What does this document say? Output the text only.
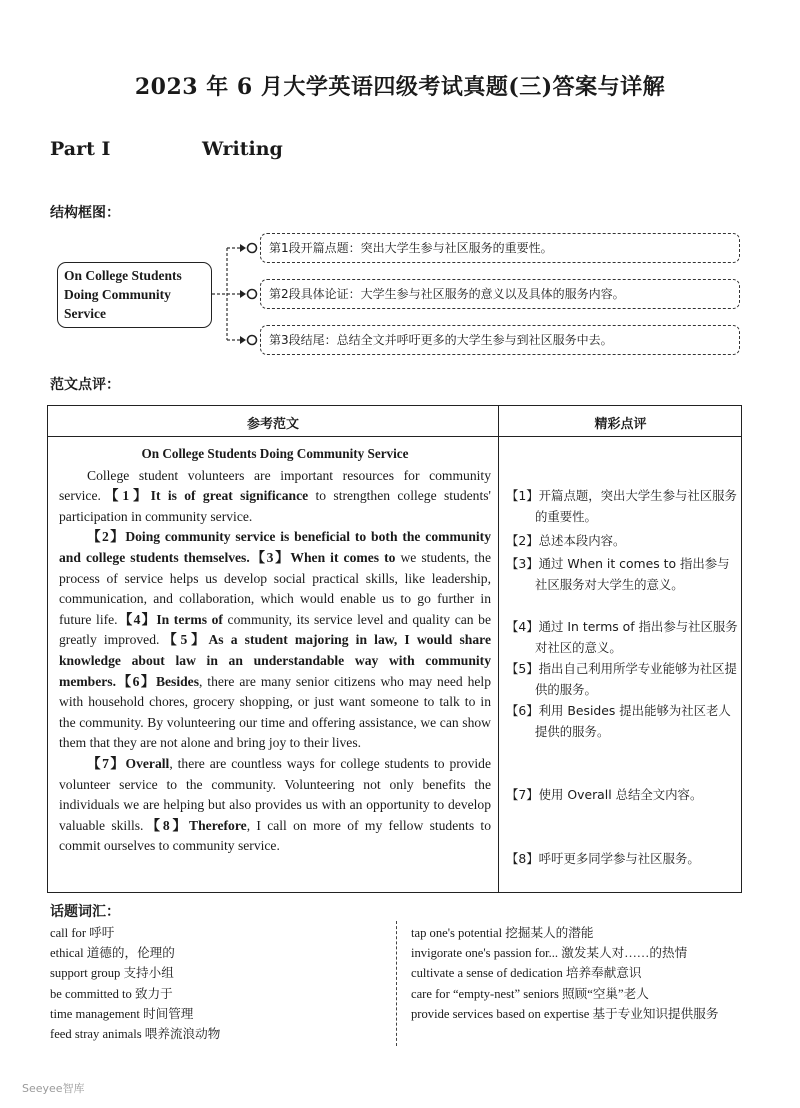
2023 年 6 月大学英语四级考试真题(三)答案与详解
Part Ⅰ	Writing
结构框图：
On College Students Doing Community Service
第1段开篇点题：突出大学生参与社区服务的重要性。
第2段具体论证：大学生参与社区服务的意义以及具体的服务内容。
第3段结尾：总结全文并呼吁更多的大学生参与到社区服务中去。
范文点评：
参考范文	精彩点评
On College Students Doing Community Service

College student volunteers are important resources for community service.【1】It is of great significance to strengthen college students' participation in community service.

【2】Doing community service is beneficial to both the community and college students themselves.【3】When it comes to we students, the process of service helps us develop social practical skills, like leadership, communication, and collaboration, which would enable us to go further in future life.【4】In terms of community, its service level and quality can be greatly improved.【5】As a student majoring in law, I would share knowledge about law in an understandable way with community members.【6】Besides, there are many senior citizens who may need help with household chores, grocery shopping, or just want someone to talk to in the community. By volunteering our time and offering assistance, we can show them that they are not alone and bring joy to their lives.

【7】Overall, there are countless ways for college students to provide volunteer service to the community. Volunteering not only benefits the individuals we are helping but also provides us with an opportunity to develop valuable skills.【8】Therefore, I call on more of my fellow students to commit ourselves to community service.

【1】开篇点题，突出大学生参与社区服务的重要性。
【2】总述本段内容。
【3】通过 When it comes to 指出参与社区服务对大学生的意义。
【4】通过 In terms of 指出参与社区服务对社区的意义。
【5】指出自己利用所学专业能够为社区提供的服务。
【6】利用 Besides 提出能够为社区老人提供的服务。
【7】使用 Overall 总结全文内容。
【8】呼吁更多同学参与社区服务。
话题词汇：
call for 呼吁
ethical 道德的，伦理的
support group 支持小组
be committed to 致力于
time management 时间管理
feed stray animals 喂养流浪动物
tap one's potential 挖掘某人的潜能
invigorate one's passion for... 激发某人对……的热情
cultivate a sense of dedication 培养奉献意识
care for “empty-nest” seniors 照顾“空巢”老人
provide services based on expertise 基于专业知识提供服务
Seeyee智库
